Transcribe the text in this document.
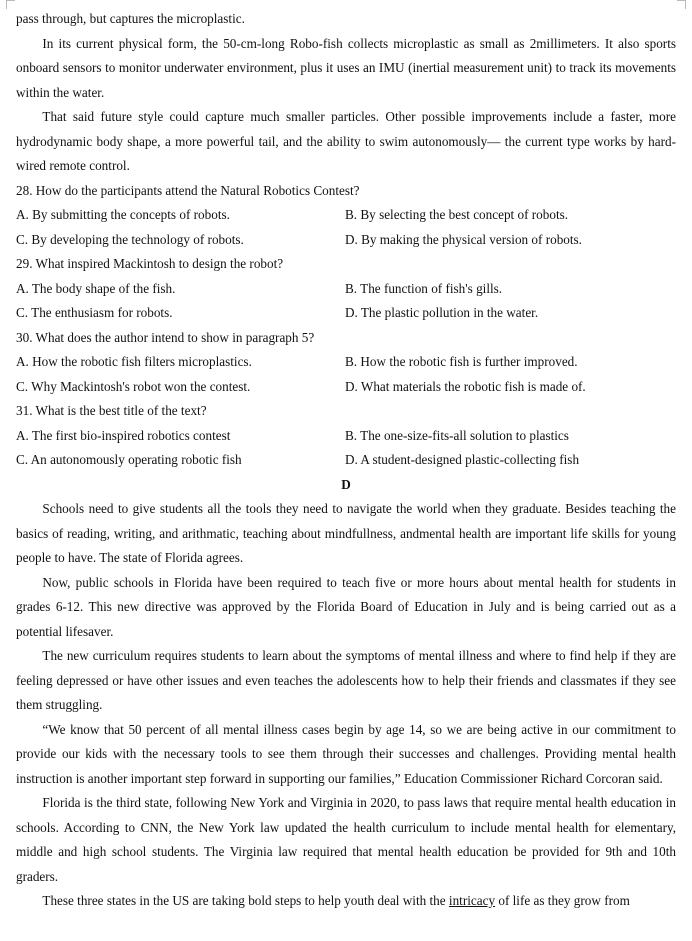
pass through, but captures the microplastic.

In its current physical form, the 50-cm-long Robo-fish collects microplastic as small as 2millimeters. It also sports onboard sensors to monitor underwater environment, plus it uses an IMU (inertial measurement unit) to track its movements within the water.

That said future style could capture much smaller particles. Other possible improvements include a faster, more hydrodynamic body shape, a more powerful tail, and the ability to swim autonomously— the current type works by hard-wired remote control.

28. How do the participants attend the Natural Robotics Contest?
A. By submitting the concepts of robots.	B. By selecting the best concept of robots.
C. By developing the technology of robots.	D. By making the physical version of robots.
29. What inspired Mackintosh to design the robot?
A. The body shape of the fish.	B. The function of fish's gills.
C. The enthusiasm for robots.	D. The plastic pollution in the water.
30. What does the author intend to show in paragraph 5?
A. How the robotic fish filters microplastics.	B. How the robotic fish is further improved.
C. Why Mackintosh's robot won the contest.	D. What materials the robotic fish is made of.
31. What is the best title of the text?
A. The first bio-inspired robotics contest	B. The one-size-fits-all solution to plastics
C. An autonomously operating robotic fish	D. A student-designed plastic-collecting fish
D

Schools need to give students all the tools they need to navigate the world when they graduate. Besides teaching the basics of reading, writing, and arithmatic, teaching about mindfullness, andmental health are important life skills for young people to have. The state of Florida agrees.

Now, public schools in Florida have been required to teach five or more hours about mental health for students in grades 6-12. This new directive was approved by the Florida Board of Education in July and is being carried out as a potential lifesaver.

The new curriculum requires students to learn about the symptoms of mental illness and where to find help if they are feeling depressed or have other issues and even teaches the adolescents how to help their friends and classmates if they see them struggling.

“We know that 50 percent of all mental illness cases begin by age 14, so we are being active in our commitment to provide our kids with the necessary tools to see them through their successes and challenges. Providing mental health instruction is another important step forward in supporting our families,” Education Commissioner Richard Corcoran said.

Florida is the third state, following New York and Virginia in 2020, to pass laws that require mental health education in schools. According to CNN, the New York law updated the health curriculum to include mental health for elementary, middle and high school students. The Virginia law required that mental health education be provided for 9th and 10th graders.

These three states in the US are taking bold steps to help youth deal with the intricacy of life as they grow from
